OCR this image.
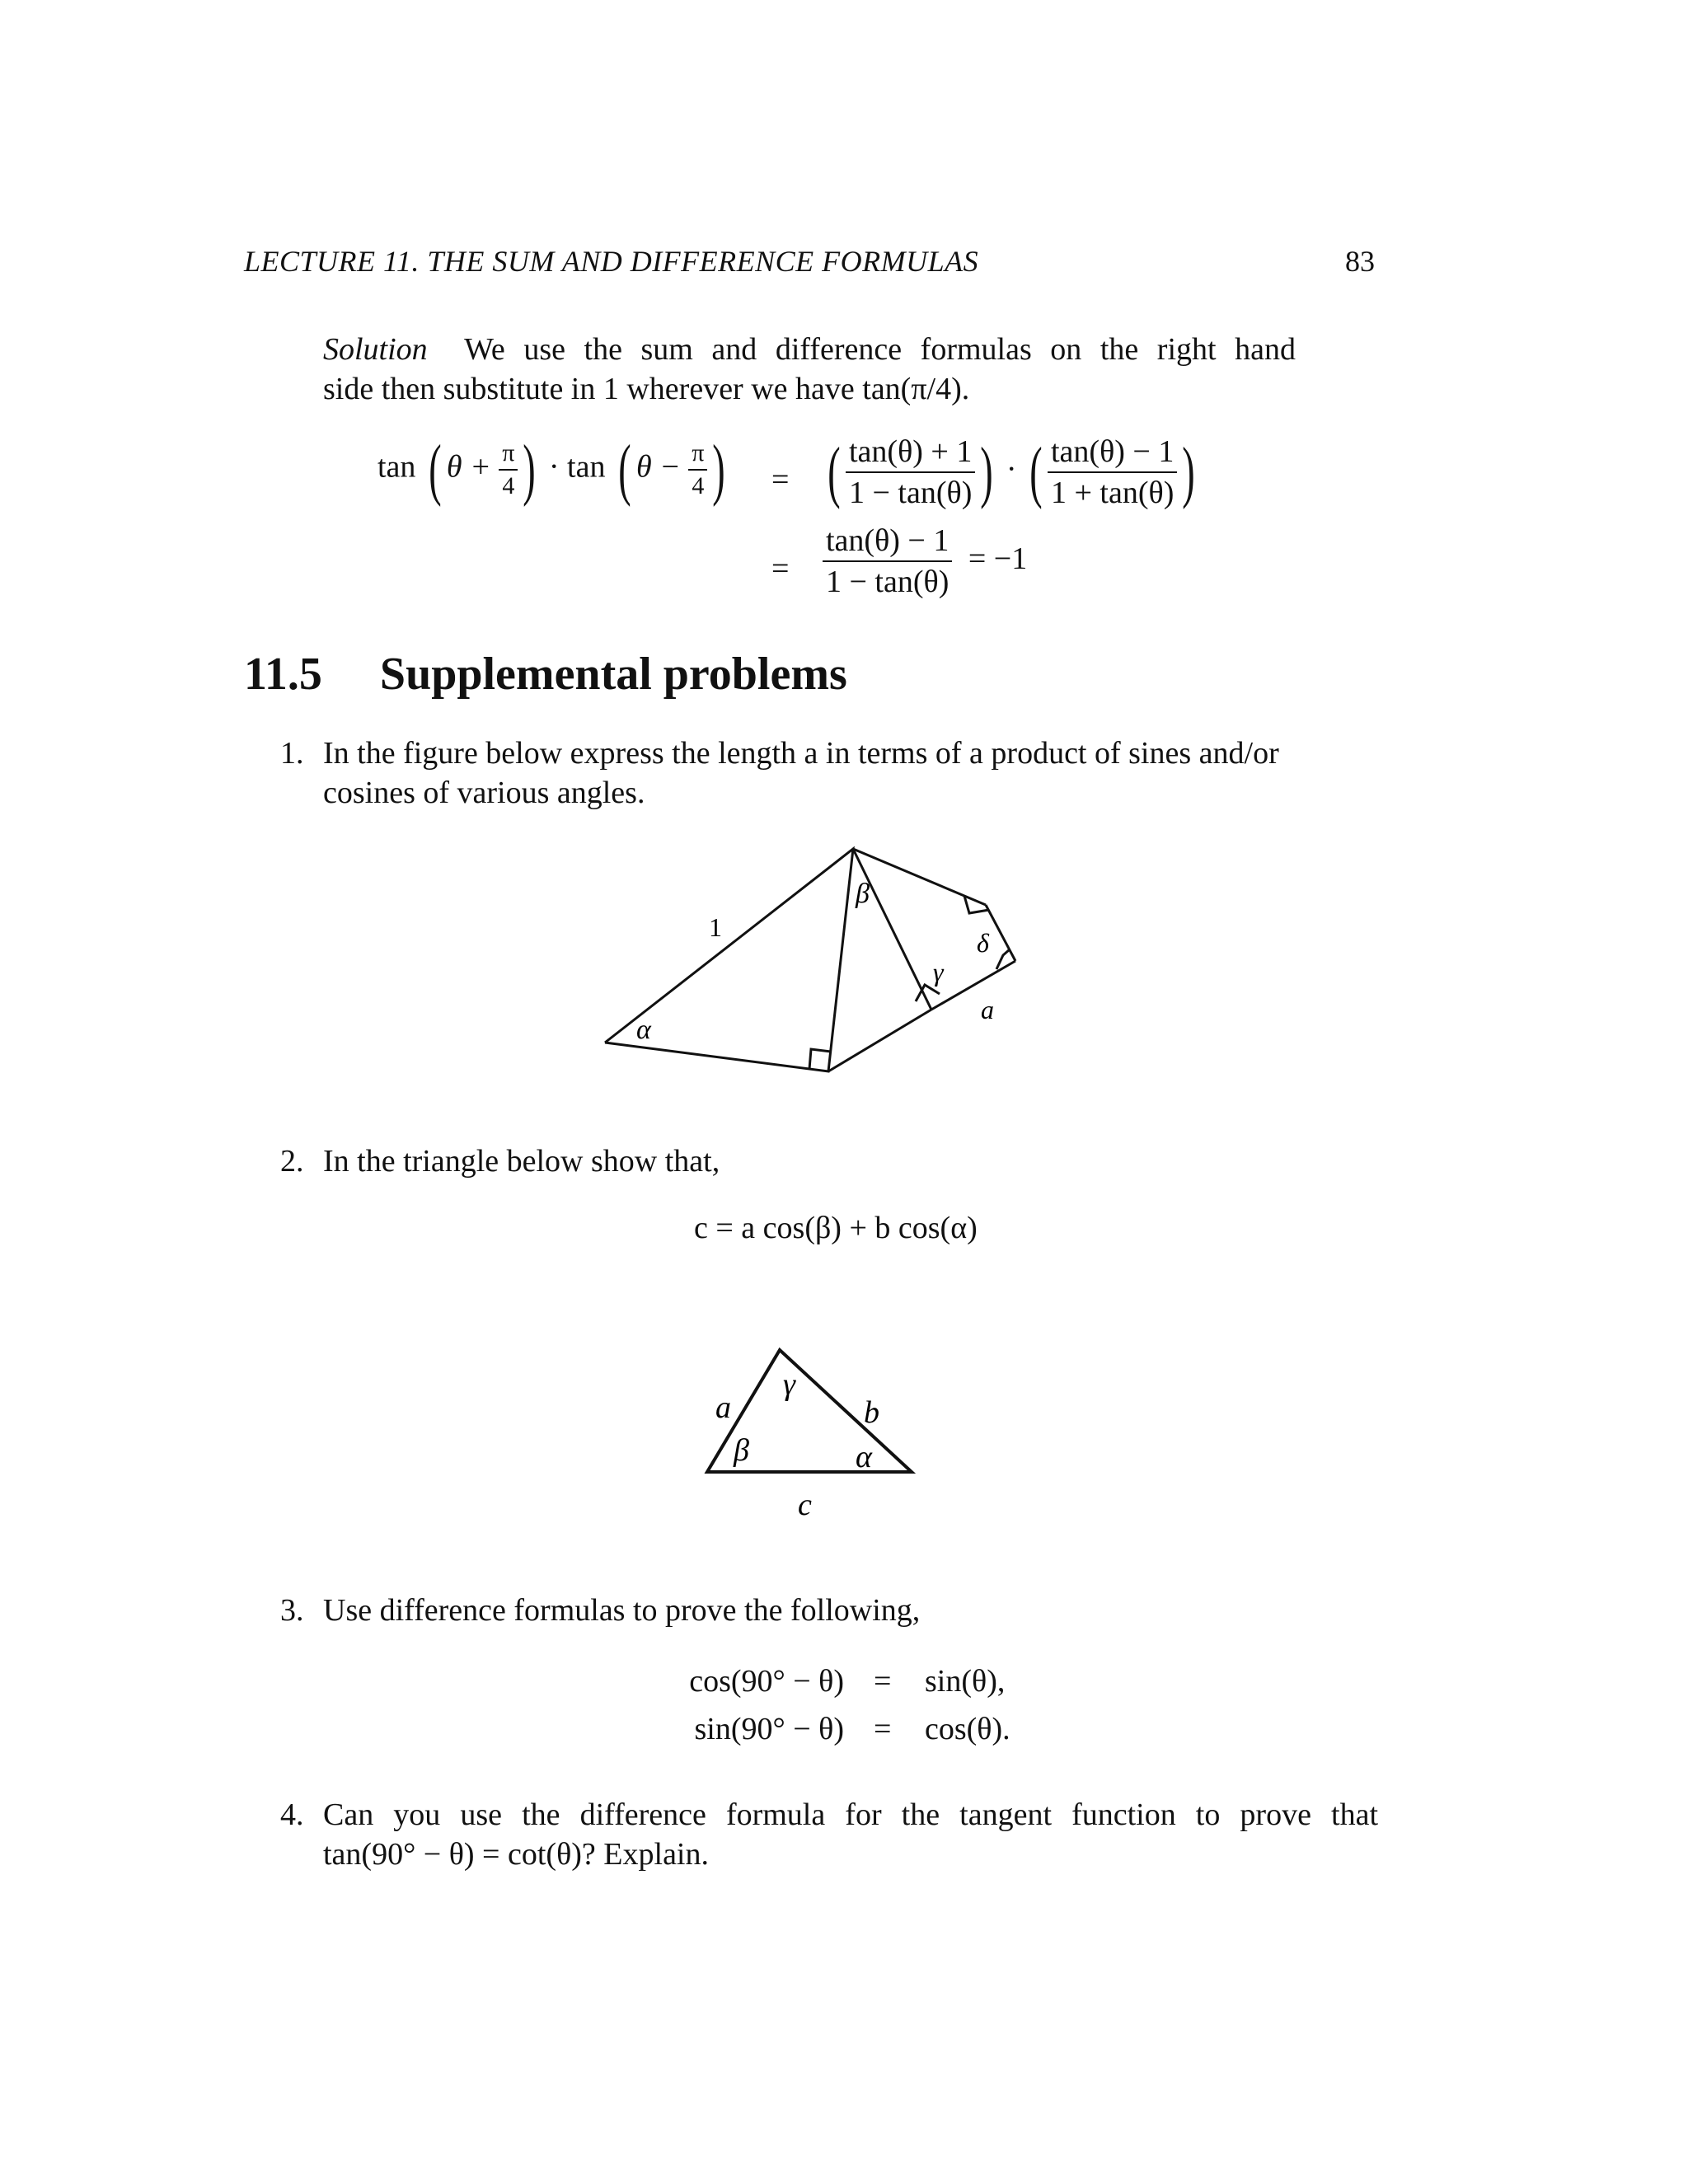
LECTURE 11. THE SUM AND DIFFERENCE FORMULAS	83
Solution We use the sum and difference formulas on the right hand
side then substitute in 1 wherever we have tan(π/4).
tan ( $\theta + \frac{\pi}{4}$ ) · tan ( $\theta - \frac{\pi}{4}$ ) = ( $\frac{\tan(\theta) + 1}{1 - \tan(\theta)}$ ) · ( $\frac{\tan(\theta) - 1}{1 + \tan(\theta)}$ )
= $\frac{\tan(\theta) - 1}{1 - \tan(\theta)} = -1$
11.5 Supplemental problems
1. In the figure below express the length a in terms of a product of sines and/or
cosines of various angles.
1
α
β
γ
δ
a
2. In the triangle below show that,
c = a cos(β) + b cos(α)
a
γ
b
β	α
c
3. Use difference formulas to prove the following,
cos(90° − θ) = sin(θ),
sin(90° − θ) = cos(θ).
4. Can you use the difference formula for the tangent function to prove that
tan(90° − θ) = cot(θ)? Explain.
